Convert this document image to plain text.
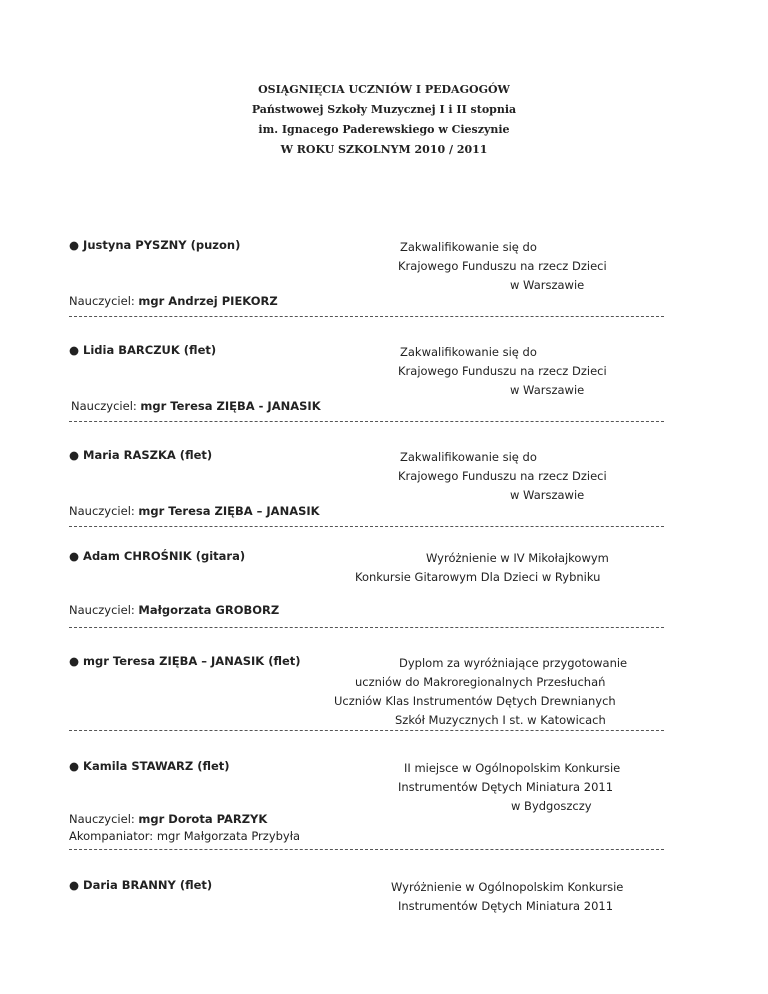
OSIĄGNIĘCIA UCZNIÓW I PEDAGOGÓW
Państwowej Szkoły Muzycznej I i II stopnia
im. Ignacego Paderewskiego w Cieszynie
W ROKU SZKOLNYM 2010 / 2011
● Justyna PYSZNY (puzon)	Zakwalifikowanie się do
Krajowego Funduszu na rzecz Dzieci
w Warszawie
Nauczyciel: mgr Andrzej PIEKORZ
● Lidia BARCZUK (flet)	Zakwalifikowanie się do
Krajowego Funduszu na rzecz Dzieci
w Warszawie
Nauczyciel: mgr Teresa ZIĘBA - JANASIK
● Maria RASZKA (flet)	Zakwalifikowanie się do
Krajowego Funduszu na rzecz Dzieci
w Warszawie
Nauczyciel: mgr Teresa ZIĘBA – JANASIK
● Adam CHROŚNIK (gitara)	Wyróżnienie w IV Mikołajkowym
Konkursie Gitarowym Dla Dzieci w Rybniku
Nauczyciel: Małgorzata GROBORZ
● mgr Teresa ZIĘBA – JANASIK (flet)	Dyplom za wyróżniające przygotowanie
uczniów do Makroregionalnych Przesłuchań
Uczniów Klas Instrumentów Dętych Drewnianych
Szkół Muzycznych I st. w Katowicach
● Kamila STAWARZ (flet)	II miejsce w Ogólnopolskim Konkursie
Instrumentów Dętych Miniatura 2011
w Bydgoszczy
Nauczyciel: mgr Dorota PARZYK
Akompaniator: mgr Małgorzata Przybyła
● Daria BRANNY (flet)	Wyróżnienie w Ogólnopolskim Konkursie
Instrumentów Dętych Miniatura 2011
